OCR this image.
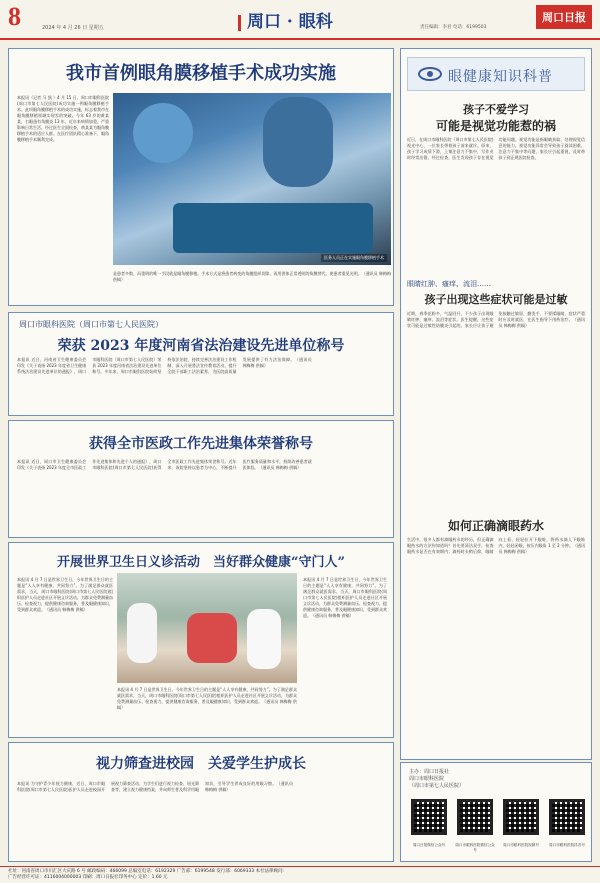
8	2024 年 4 月 26 日 星期五	周口 · 眼科	责任编辑：李君 电话：6199503
周口日报
我市首例眼角膜移植手术成功实施
本报讯（记者 马 凯 ）4 月 15 日，周口市眼科医院(周口市第七人民医院)成功实施一例眼角膜移植手术。此项眼角膜移植手术的成功实施，标志着我市在眼角膜移植领域实现零的突破。今年 63 岁的黄某某，右眼患有角膜炎 13 年，近年来病情加重，严重影响日常生活。经过医生全面检查，黄某某为眼角膜移植手术的适应人群。在医疗团队精心准备下，眼角膜移植手术顺利完成。
医务人员正在实施眼角膜移植手术
是患者多数，而重明的唯一手段就是眼角膜移植。手术方式是将患者病变的角膜组织切除，再用供体正常透明的角膜替代，使患者重见光明。（通讯员 韩梅梅 供稿）
周口市眼科医院（周口市第七人民医院）
荣获 2023 年度河南省法治建设先进单位称号
本报讯 近日，河南省卫生健康委员会印发《关于表扬 2023 年度省卫生健康系统法治建设先进单位的通报》，周口市眼科医院（周口市第七人民医院）荣获 2023 年度河南省法治建设先进单位称号。多年来，周口市眼科医院始终坚持依法治院，持续完善法治建设工作机制，深入开展普法宣传教育活动，提升全院干部职工法治素养，为医院高质量发展提供了有力法治保障。（通讯员 韩梅梅 供稿）
获得全市医政工作先进集体荣誉称号
本报讯 近日，周口市卫生健康委员会印发《关于表扬 2023 年度全市医政工作先进集体和先进个人的通报》，周口市眼科医院(周口市第七人民医院)获得全市医政工作先进集体荣誉称号。近年来，该院坚持以患者为中心，不断提升医疗服务质量和水平，持续改善患者就医体验。（通讯员 韩梅梅 供稿）
开展世界卫生日义诊活动　当好群众健康“守门人”
本报讯 4 月 7 日是世界卫生日，今年世界卫生日的主题是“人人享有健康，共同努力”。为了满足群众就医需求，当天，周口市眼科医院(周口市第七人民医院)组织医护人员走进社区开展义诊活动，为群众免费测量血压、检查视力，提供健康咨询服务，普及眼健康知识，受到群众欢迎。（通讯员 韩梅梅 供稿）
本报讯 4 月 7 日是世界卫生日，今年世界卫生日的主题是“人人享有健康，共同努力”。为了满足群众就医需求，当天，周口市眼科医院(周口市第七人民医院)组织医护人员走进社区开展义诊活动，为群众免费测量血压、检查视力，提供健康咨询服务，普及眼健康知识，受到群众欢迎。（通讯员 韩梅梅 供稿）
本报讯 4 月 7 日是世界卫生日，今年世界卫生日的主题是“人人享有健康，共同努力”。为了满足群众就医需求，当天，周口市眼科医院(周口市第七人民医院)组织医护人员走进社区开展义诊活动，为群众免费测量血压、检查视力，提供健康咨询服务，普及眼健康知识，受到群众欢迎。（通讯员 韩梅梅 供稿）
视力筛查进校园　关爱学生护成长
本报讯 为守护青少年视力健康，近日，周口市眼科医院(周口市第七人民医院)医护人员走进校园开展视力筛查活动，为学生们进行视力检查、屈光筛查等，建立视力健康档案，并向师生普及科学用眼知识，引导学生养成良好的用眼习惯。（通讯员 韩梅梅 供稿）
眼健康知识科普
孩子不爱学习
可能是视觉功能惹的祸
近日，在周口市眼科医院（周口市第七人民医院)视光中心，一位家长带着孩子前来就诊。原来，孩子学习成绩下滑，上课注意力不集中，写作业时经常出错。经过检查，医生发现孩子存在视觉功能问题。视觉功能是指眼睛获取、处理视觉信息的能力，视觉功能异常会导致孩子阅读困难、注意力不集中等问题，家长应引起重视，及时带孩子到正规医院检查。
眼睛红肿、瘙痒、流泪……
孩子出现这些症状可能是过敏
近期，春季花粉多，气温回升，不少孩子出现眼睛红肿、瘙痒、流泪等症状。医生提醒，这些症状可能是过敏性结膜炎引起的。家长应让孩子避免接触过敏原，勤洗手，不要揉眼睛，症状严重时应及时就医，在医生指导下用药治疗。（通讯员 韩梅梅 供稿）
如何正确滴眼药水
生活中，很多人都有滴眼药水的经历，但正确滴眼药水的方法你知道吗？首先要清洁双手，检查眼药水是否在有效期内；滴药时头稍后仰，眼睛向上看，轻轻拉开下眼睑，将药水滴入下眼睑内，轻轻闭眼，按压内眼角 1 至 2 分钟。（通讯员 韩梅梅 供稿）
主办：周口日报社
周口市眼科医院
（周口市第七人民医院）
周口日报微信公众号	周口市眼科医院微信公众号
周口市眼科医院视频号	周口市眼科医院抖音号
社址：河南省周口市川汇区大庆路 6 号 邮政编码：466099 总编室电话：6192329 广告部：6199548 发行部：6069333 本社法律顾问：
广告经营许可证：4116004000003 印刷：周口日报社印务中心 定价：1.60 元
